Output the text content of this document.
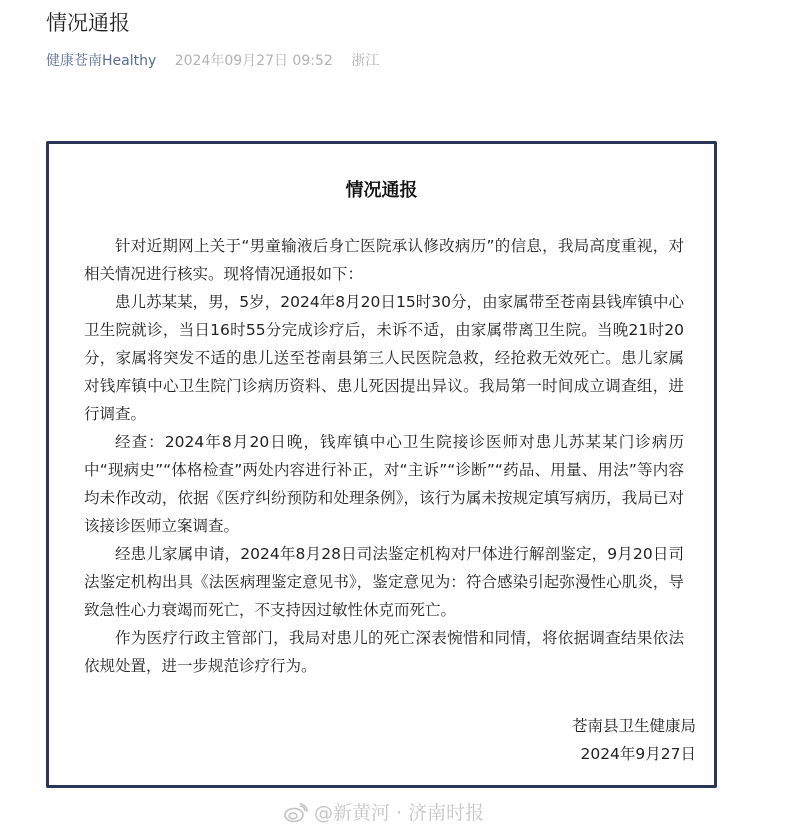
情况通报
健康苍南Healthy 2024年09月27日 09:52 浙江
情况通报

针对近期网上关于“男童输液后身亡医院承认修改病历”的信息，我局高度重视，对相关情况进行核实。现将情况通报如下：

患儿苏某某，男，5岁，2024年8月20日15时30分，由家属带至苍南县钱库镇中心卫生院就诊，当日16时55分完成诊疗后，未诉不适，由家属带离卫生院。当晚21时20分，家属将突发不适的患儿送至苍南县第三人民医院急救，经抢救无效死亡。患儿家属对钱库镇中心卫生院门诊病历资料、患儿死因提出异议。我局第一时间成立调查组，进行调查。

经查：2024年8月20日晚，钱库镇中心卫生院接诊医师对患儿苏某某门诊病历中“现病史”“体格检查”两处内容进行补正，对“主诉”“诊断”“药品、用量、用法”等内容均未作改动，依据《医疗纠纷预防和处理条例》，该行为属未按规定填写病历，我局已对该接诊医师立案调查。

经患儿家属申请，2024年8月28日司法鉴定机构对尸体进行解剖鉴定，9月20日司法鉴定机构出具《法医病理鉴定意见书》，鉴定意见为：符合感染引起弥漫性心肌炎，导致急性心力衰竭而死亡，不支持因过敏性休克而死亡。

作为医疗行政主管部门，我局对患儿的死亡深表惋惜和同情，将依据调查结果依法依规处置，进一步规范诊疗行为。

苍南县卫生健康局
2024年9月27日
@新黄河 · 济南时报
